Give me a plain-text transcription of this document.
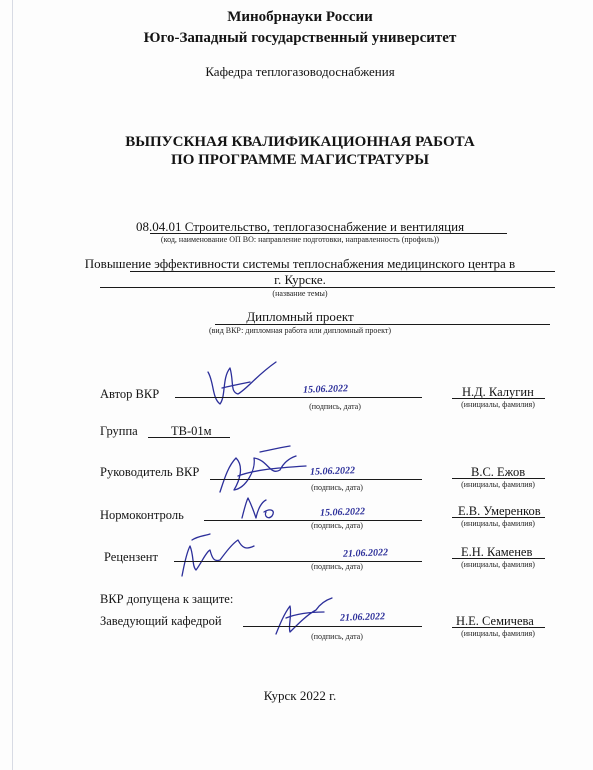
Минобрнауки России
Юго-Западный государственный университет
Кафедра теплогазоводоснабжения
ВЫПУСКНАЯ КВАЛИФИКАЦИОННАЯ РАБОТА
ПО ПРОГРАММЕ МАГИСТРАТУРЫ
08.04.01 Строительство, теплогазоснабжение и вентиляция
(код, наименование ОП ВО: направление подготовки, направленность (профиль))
Повышение эффективности системы теплоснабжения медицинского центра в
г. Курске.
(название темы)
Дипломный проект
(вид ВКР: дипломная работа или дипломный проект)
Автор ВКР	15.06.2022
(подпись, дата)
Н.Д. Калугин
(инициалы, фамилия)
Группа	ТВ-01м
Руководитель ВКР	15.06.2022
(подпись, дата)
В.С. Ежов
(инициалы, фамилия)
Нормоконтроль	15.06.2022
(подпись, дата)
Е.В. Умеренков
(инициалы, фамилия)
Рецензент	21.06.2022
(подпись, дата)
Е.Н. Каменев
(инициалы, фамилия)
ВКР допущена к защите:
Заведующий кафедрой	21.06.2022
(подпись, дата)
Н.Е. Семичева
(инициалы, фамилия)
Курск 2022 г.
